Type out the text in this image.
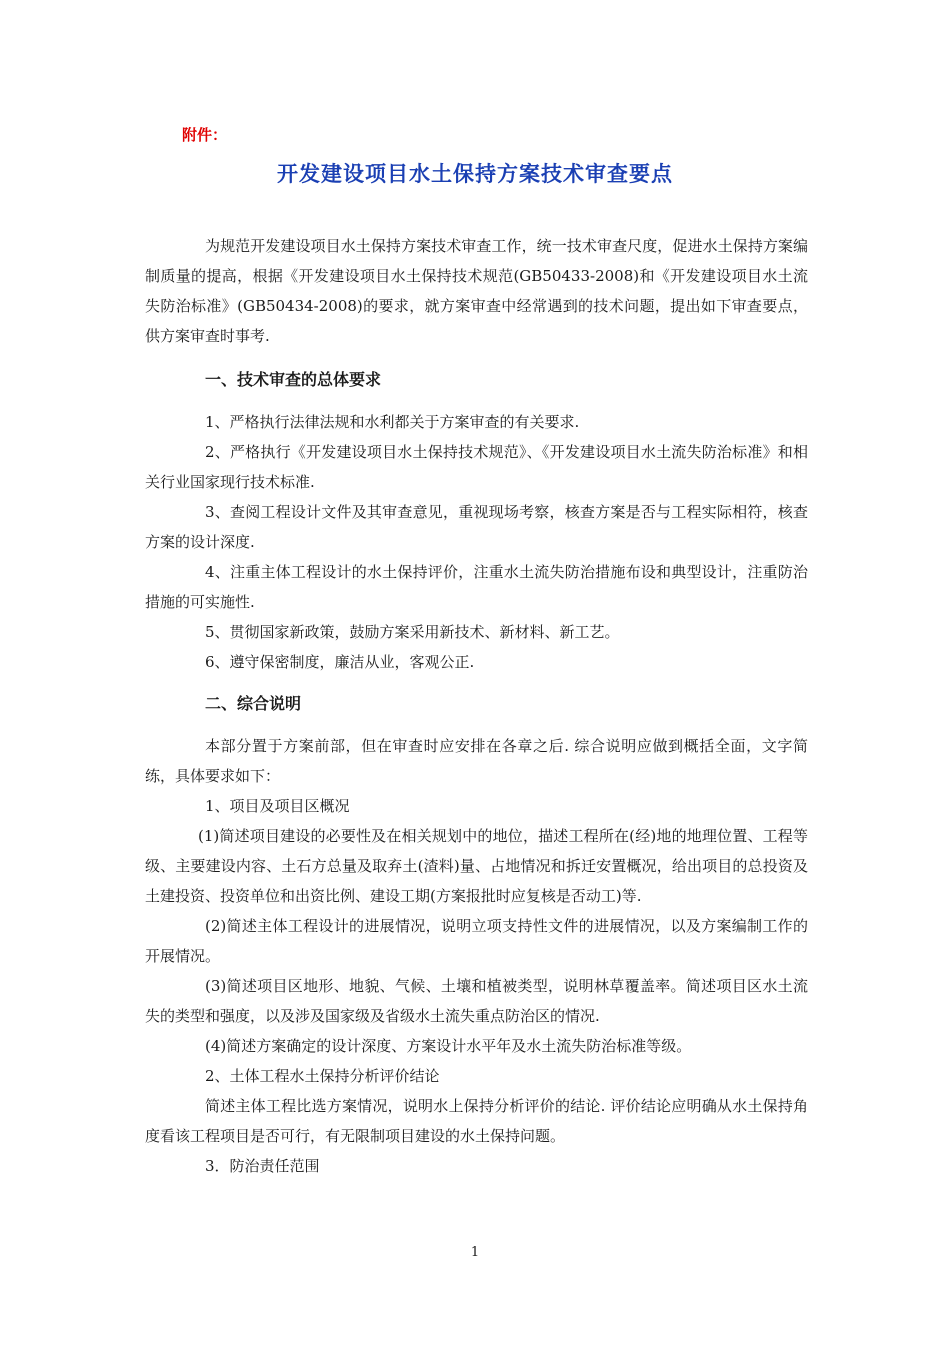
附件：

开发建设项目水土保持方案技术审查要点

为规范开发建设项目水土保持方案技术审查工作，统一技术审查尺度，促进水土保持方案编制质量的提高，根据《开发建设项目水土保持技术规范(GB50433-2008)和《开发建设项目水土流失防治标准》(GB50434-2008)的要求，就方案审查中经常遇到的技术问题，提出如下审查要点，供方案审查时事考.

一、技术审查的总体要求

1、严格执行法律法规和水利都关于方案审查的有关要求.

2、严格执行《开发建设项目水土保持技术规范》、《开发建设项目水土流失防治标准》和相关行业国家现行技术标准.

3、查阅工程设计文件及其审查意见，重视现场考察，核查方案是否与工程实际相符，核查方案的设计深度.

4、注重主体工程设计的水土保持评价，注重水土流失防治措施布设和典型设计，注重防治措施的可实施性.

5、贯彻国家新政策，鼓励方案采用新技术、新材料、新工艺。

6、遵守保密制度，廉洁从业，客观公正.

二、综合说明

本部分置于方案前部，但在审查时应安排在各章之后. 综合说明应做到概括全面，文字简练，具体要求如下：

1、项目及项目区概况

(1)简述项目建设的必要性及在相关规划中的地位，描述工程所在(经)地的地理位置、工程等级、主要建设内容、土石方总量及取弃土(渣料)量、占地情况和拆迁安置概况，给出项目的总投资及土建投资、投资单位和出资比例、建设工期(方案报批时应复核是否动工)等.

(2)简述主体工程设计的进展情况，说明立项支持性文件的进展情况，以及方案编制工作的开展情况。

(3)简述项目区地形、地貌、气候、土壤和植被类型，说明林草覆盖率。简述项目区水土流失的类型和强度，以及涉及国家级及省级水土流失重点防治区的情况.

(4)简述方案确定的设计深度、方案设计水平年及水土流失防治标准等级。

2、土体工程水土保持分析评价结论

简述主体工程比选方案情况，说明水上保持分析评价的结论. 评价结论应明确从水土保持角度看该工程项目是否可行，有无限制项目建设的水土保持问题。

3．防治责任范围

1
